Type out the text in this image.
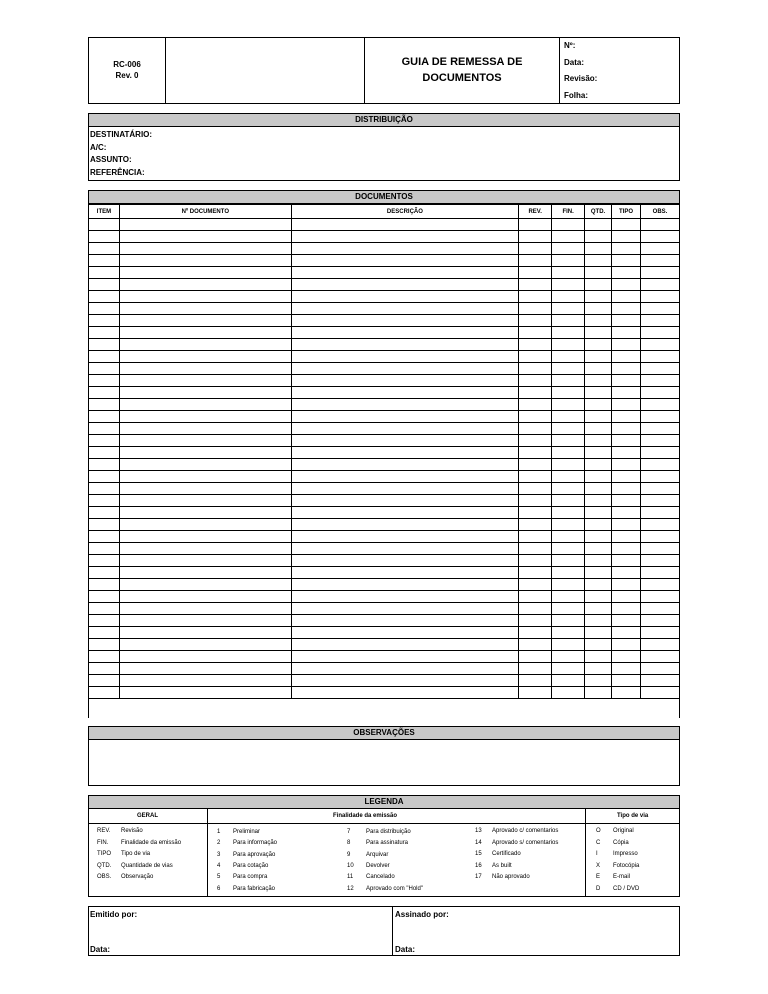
RC-006
Rev. 0
GUIA DE REMESSA DE
DOCUMENTOS
Nº:
Data:
Revisão:
Folha:
DISTRIBUIÇÃO
DESTINATÁRIO:
A/C:
ASSUNTO:
REFERÊNCIA:
DOCUMENTOS
ITEM	Nº DOCUMENTO	DESCRIÇÃO	REV.	FIN.	QTD.	TIPO	OBS.

OBSERVAÇÕES
LEGENDA
GERAL	Finalidade da emissão	Tipo de via
REV. Revisão
FIN. Finalidade da emissão
TIPO Tipo de via
QTD. Quantidade de vias
OBS. Observação
1 Preliminar
2 Para informação
3 Para aprovação
4 Para cotação
5 Para compra
6 Para fabricação
7	Para distribuição
8	Para assinatura
9	Arquivar
10 Devolver
11 Cancelado
12 Aprovado com "Hold"
13 Aprovado c/ comentarios
14 Aprovado s/ comentarios
15 Certificado
16 As built
17 Não aprovado
O Original
C Cópia
I	Impresso
X Fotocópia
E E-mail
D CD / DVD
Emitido por:	Assinado por:
Data:	Data:
